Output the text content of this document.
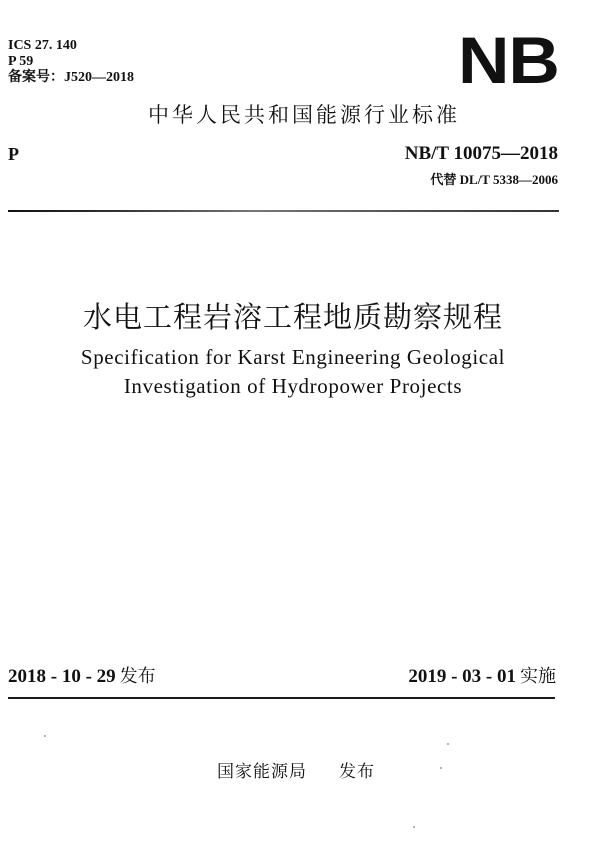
ICS 27. 140
P 59
备案号：J520—2018	NB
中华人民共和国能源行业标准
P	NB/T 10075—2018
代替 DL/T 5338—2006
水电工程岩溶工程地质勘察规程
Specification for Karst Engineering Geological
Investigation of Hydropower Projects
2018 - 10 - 29 发布	2019 - 03 - 01 实施
国家能源局 发布
